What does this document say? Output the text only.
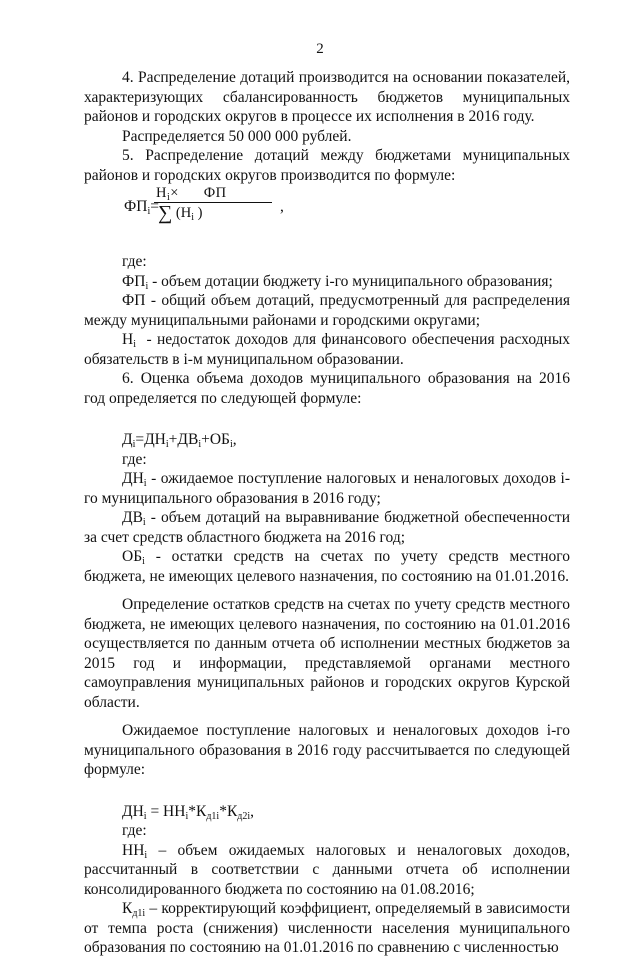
2

4. Распределение дотаций производится на основании показателей, характеризующих сбалансированность бюджетов муниципальных районов и городских округов в процессе их исполнения в 2016 году.

Распределяется 50 000 000 рублей.

5. Распределение дотаций между бюджетами муниципальных районов и городских округов производится по формуле:

$ФП_i=$
$Н_i\times$      ФП
∑ ($Н_i$ )	,

где:

$ФП_i$ - объем дотации бюджету i-го муниципального образования;

ФП - общий объем дотаций, предусмотренный для распределения между муниципальными районами и городскими округами;

$Н_i$  - недостаток доходов для финансового обеспечения расходных обязательств в i-м муниципальном образовании.

6. Оценка объема доходов муниципального образования на 2016 год определяется по следующей формуле:

$Д_i=ДН_i+ДВ_i+ОБ_i$,

где:

$ДН_i$ - ожидаемое поступление налоговых и неналоговых доходов i-го муниципального образования в 2016 году;

$ДВ_i$ - объем дотаций на выравнивание бюджетной обеспеченности за счет средств областного бюджета на 2016 год;

$ОБ_i$ - остатки средств на счетах по учету средств местного бюджета, не имеющих целевого назначения, по состоянию на 01.01.2016.

Определение остатков средств на счетах по учету средств местного бюджета, не имеющих целевого назначения, по состоянию на 01.01.2016 осуществляется по данным отчета об исполнении местных бюджетов за 2015 год и информации, представляемой органами местного самоуправления муниципальных районов и городских округов Курской области.

Ожидаемое поступление налоговых и неналоговых доходов i-го муниципального образования в 2016 году рассчитывается по следующей формуле:

$ДН_i = НН_i*К_{д1i}*К_{д2i}$,

где:

$НН_i$ – объем ожидаемых налоговых и неналоговых доходов, рассчитанный в соответствии с данными отчета об исполнении консолидированного бюджета по состоянию на 01.08.2016;

$К_{д1i}$ – корректирующий коэффициент, определяемый в зависимости от темпа роста (снижения) численности населения муниципального образования по состоянию на 01.01.2016 по сравнению с численностью
